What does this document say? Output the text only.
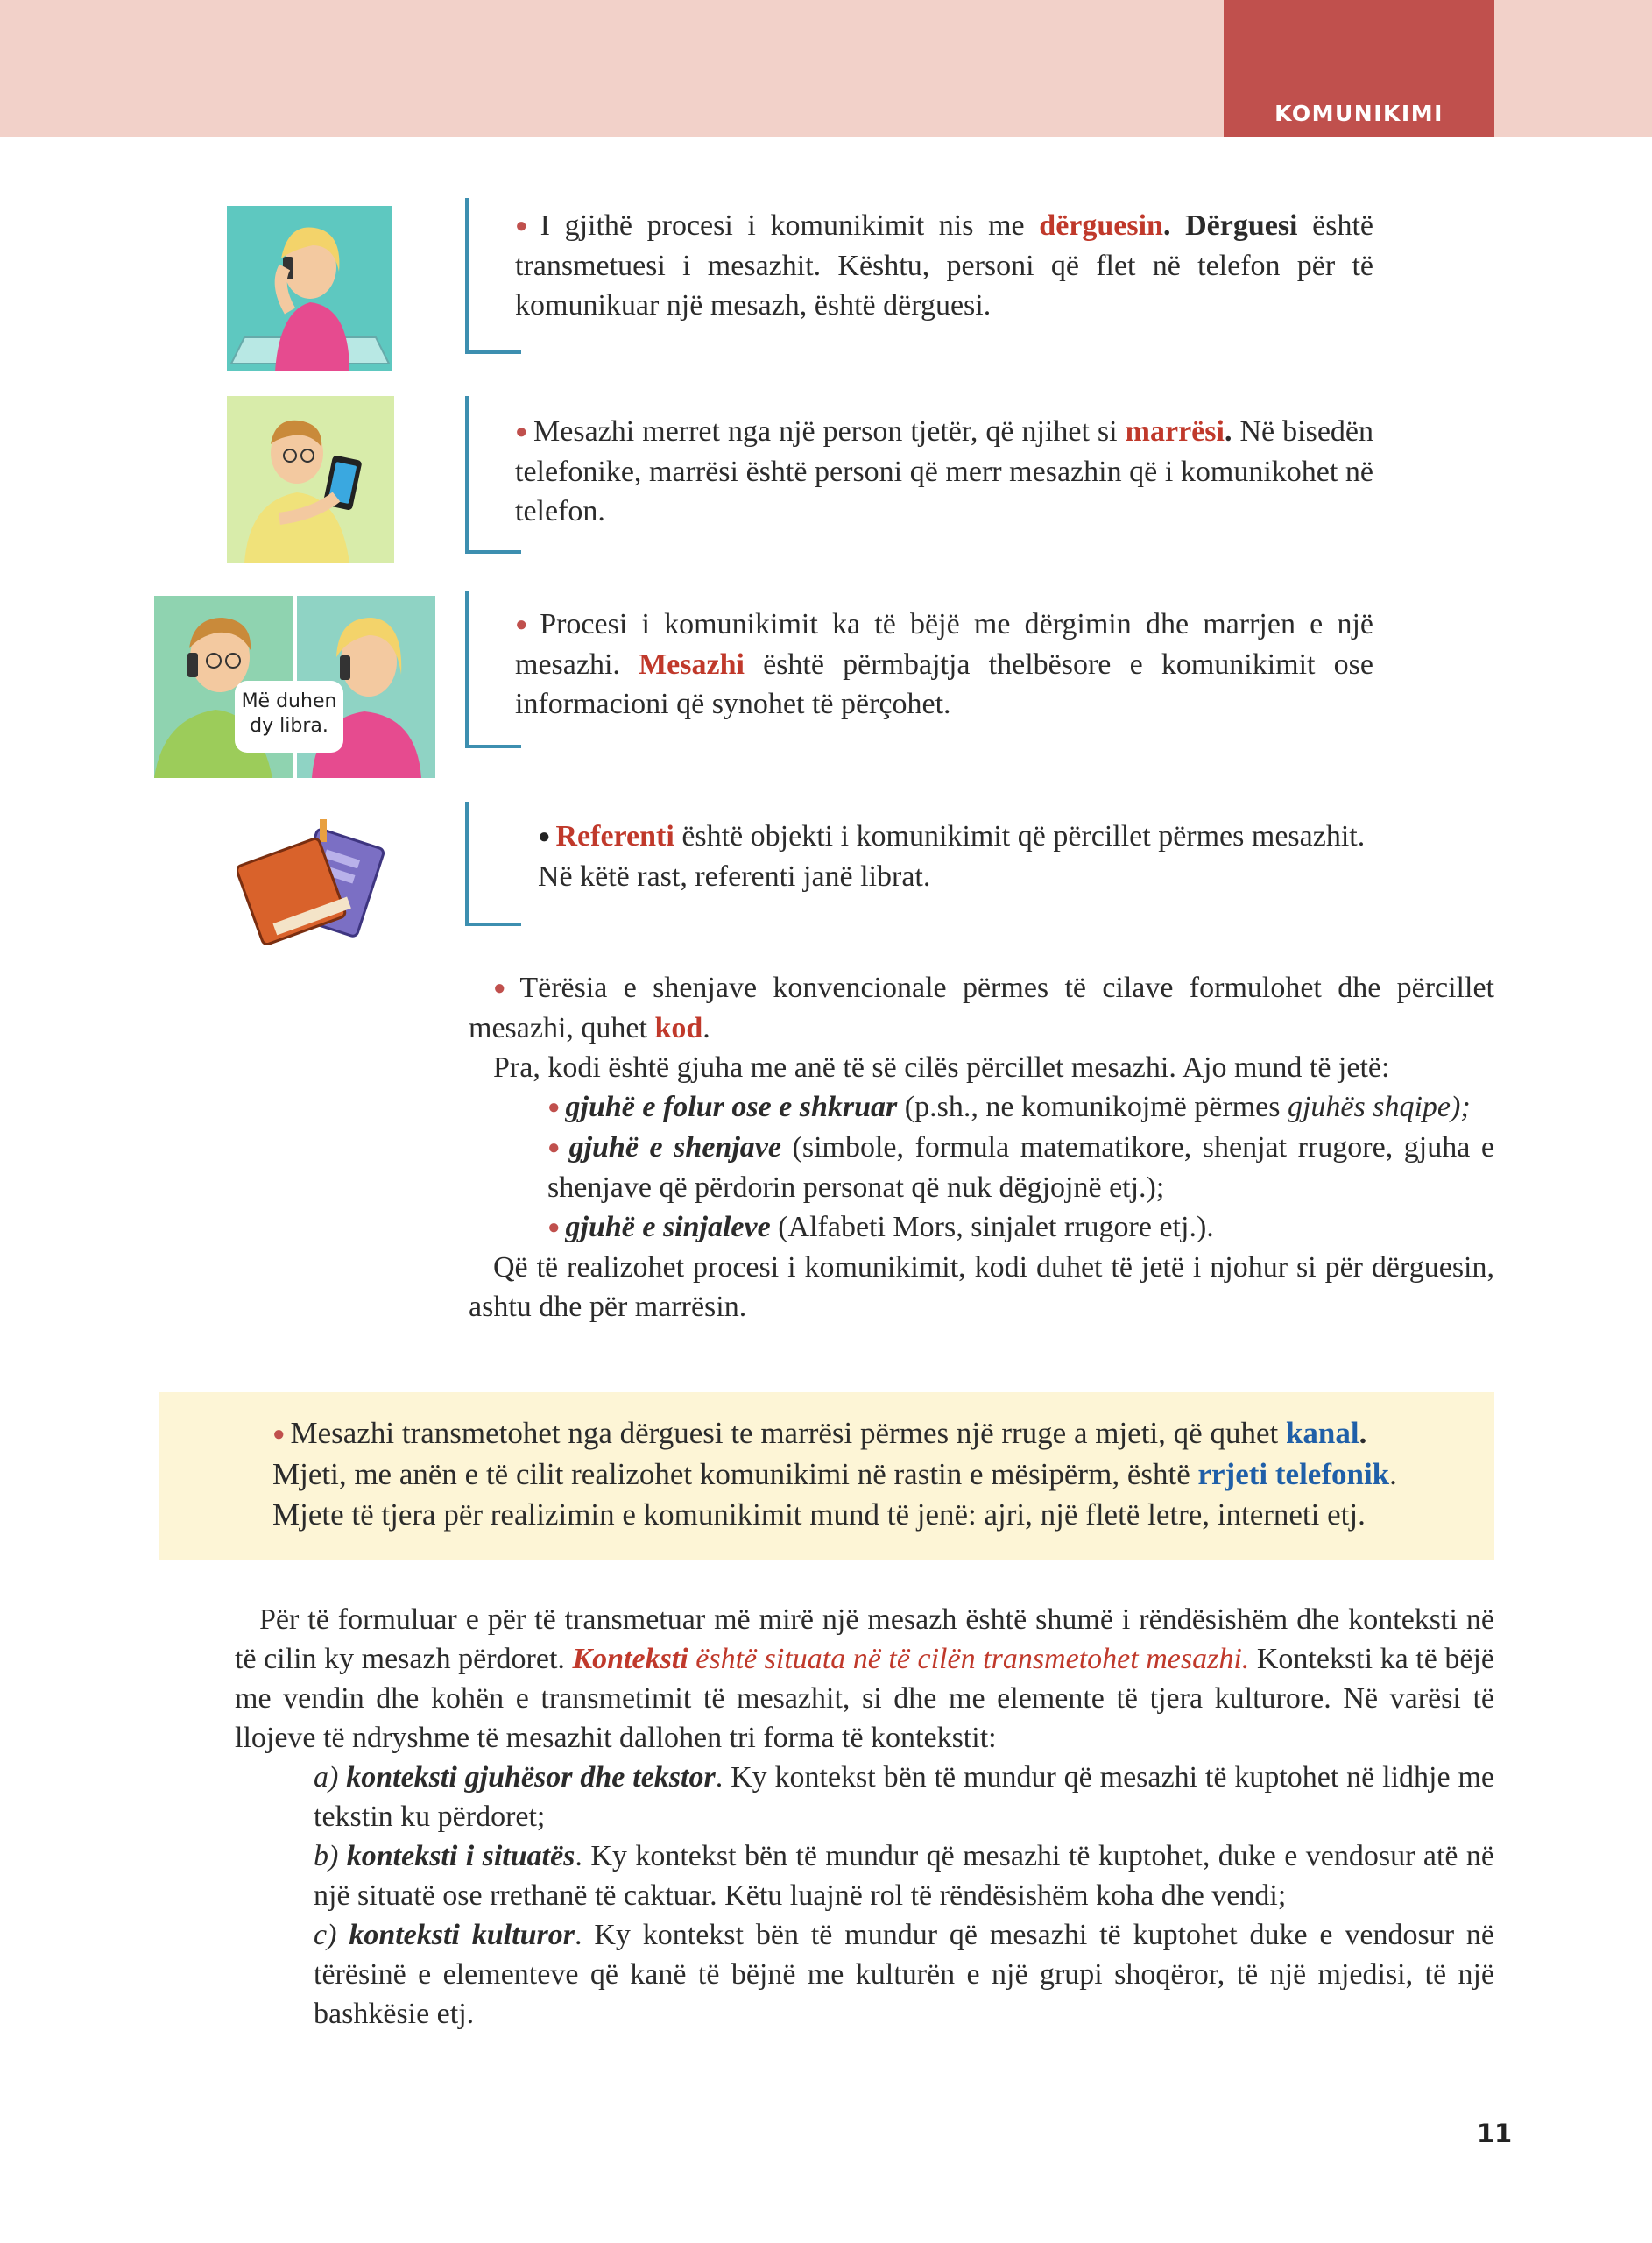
KOMUNIKIMI

● I gjithë procesi i komunikimit nis me dërguesin. Dërguesi është transmetuesi i mesazhit. Kështu, personi që flet në telefon për të komunikuar një mesazh, është dërguesi.

● Mesazhi merret nga një person tjetër, që njihet si marrësi. Në bisedën telefonike, marrësi është personi që merr mesazhin që i komunikohet në telefon.

Më duhen
dy libra.

● Procesi i komunikimit ka të bëjë me dërgimin dhe marrjen e një mesazhi. Mesazhi është përmbajtja thelbësore e komunikimit ose informacioni që synohet të përçohet.

● Referenti është objekti i komunikimit që përcillet përmes mesazhit.

Në këtë rast, referenti janë librat.

● Tërësia e shenjave konvencionale përmes të cilave formulohet dhe përcillet mesazhi, quhet kod.

Pra, kodi është gjuha me anë të së cilës përcillet mesazhi. Ajo mund të jetë:

● gjuhë e folur ose e shkruar (p.sh., ne komunikojmë përmes gjuhës shqipe);

● gjuhë e shenjave (simbole, formula matematikore, shenjat rrugore, gjuha e shenjave që përdorin personat që nuk dëgjojnë etj.);

● gjuhë e sinjaleve (Alfabeti Mors, sinjalet rrugore etj.).

Që të realizohet procesi i komunikimit, kodi duhet të jetë i njohur si për dërguesin, ashtu dhe për marrësin.

● Mesazhi transmetohet nga dërguesi te marrësi përmes një rruge a mjeti, që quhet kanal.

Mjeti, me anën e të cilit realizohet komunikimi në rastin e mësipërm, është rrjeti telefonik.

Mjete të tjera për realizimin e komunikimit mund të jenë: ajri, një fletë letre, interneti etj.

Për të formuluar e për të transmetuar më mirë një mesazh është shumë i rëndësishëm dhe konteksti në të cilin ky mesazh përdoret. Konteksti është situata në të cilën transmetohet mesazhi. Konteksti ka të bëjë me vendin dhe kohën e transmetimit të mesazhit, si dhe me elemente të tjera kulturore. Në varësi të llojeve të ndryshme të mesazhit dallohen tri forma të kontekstit:

a) konteksti gjuhësor dhe tekstor. Ky kontekst bën të mundur që mesazhi të kuptohet në lidhje me tekstin ku përdoret;

b) konteksti i situatës. Ky kontekst bën të mundur që mesazhi të kuptohet, duke e vendosur atë në një situatë ose rrethanë të caktuar. Këtu luajnë rol të rëndësishëm koha dhe vendi;

c) konteksti kulturor. Ky kontekst bën të mundur që mesazhi të kuptohet duke e vendosur në tërësinë e elementeve që kanë të bëjnë me kulturën e një grupi shoqëror, të një mjedisi, të një bashkësie etj.

11
